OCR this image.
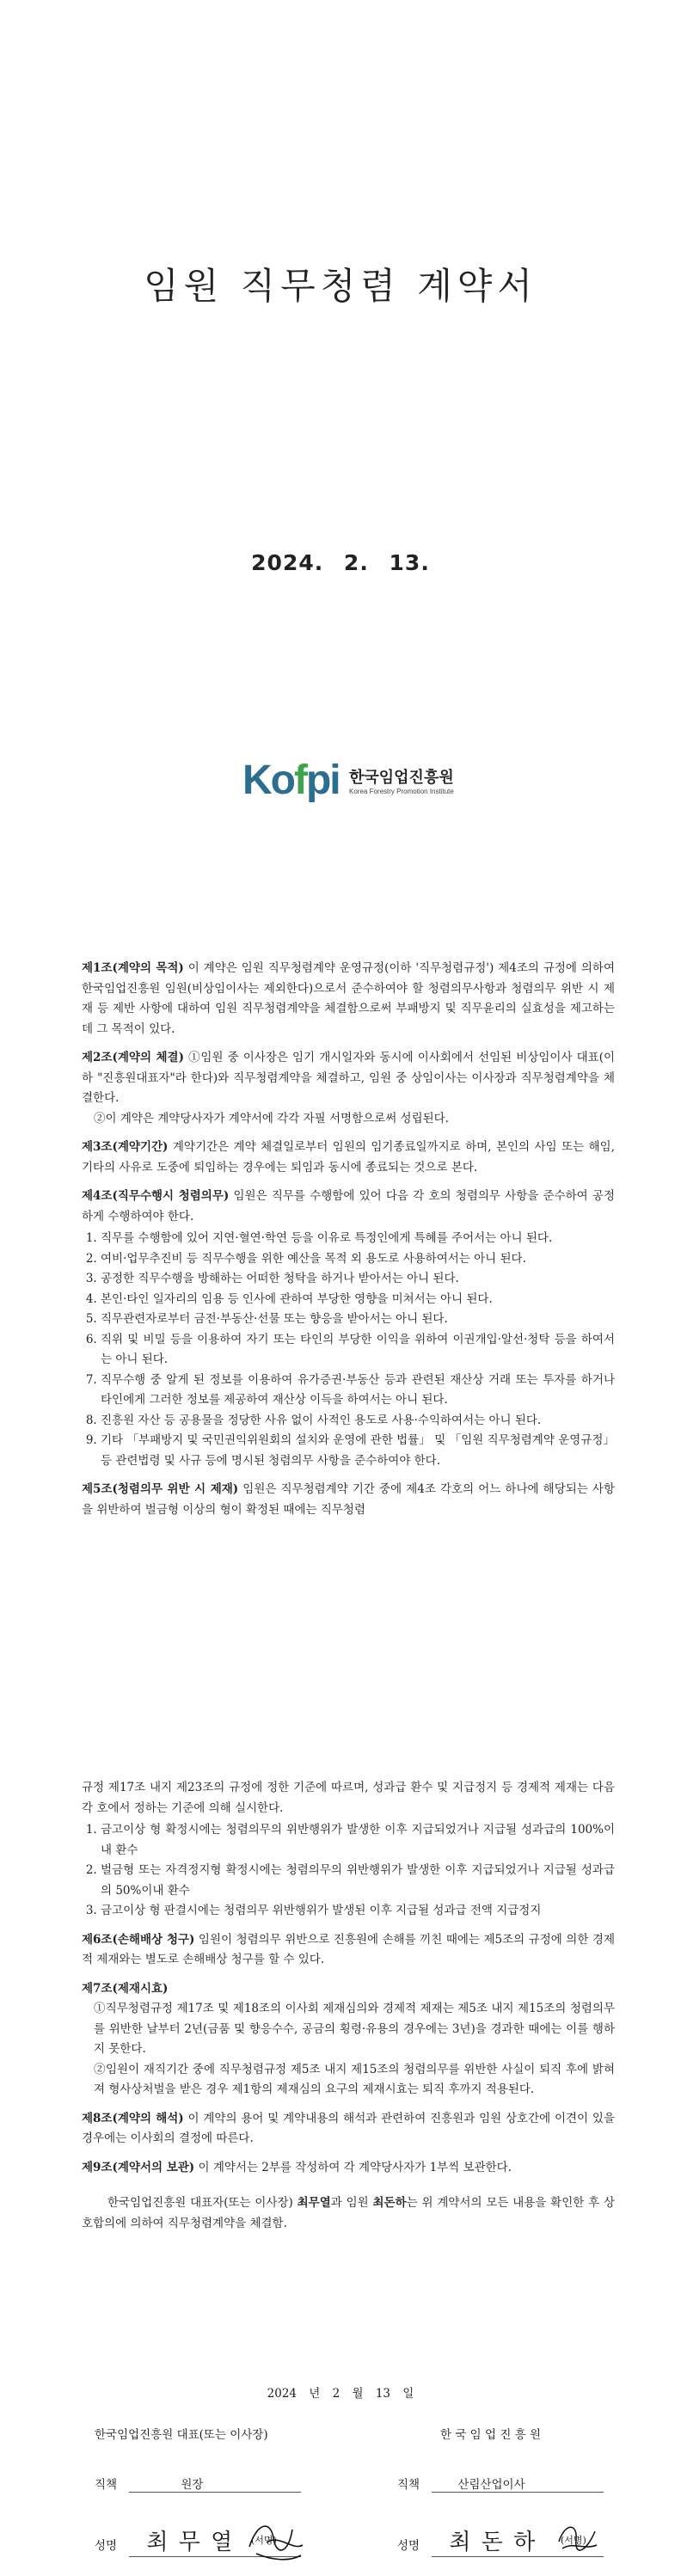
임원 직무청렴 계약서
2024. 2. 13.
Kofpi 한국임업진흥원
Korea Forestry Promotion Institute

제1조(계약의 목적) 이 계약은 임원 직무청렴계약 운영규정(이하 '직무청렴규정') 제4조의 규정에 의하여 한국임업진흥원 임원(비상임이사는 제외한다)으로서 준수하여야 할 청렴의무사항과 청렴의무 위반 시 제재 등 제반 사항에 대하여 임원 직무청렴계약을 체결함으로써 부패방지 및 직무윤리의 실효성을 제고하는데 그 목적이 있다.

제2조(계약의 체결) ①임원 중 이사장은 임기 개시일자와 동시에 이사회에서 선임된 비상임이사 대표(이하 "진흥원대표자"라 한다)와 직무청렴계약을 체결하고, 임원 중 상임이사는 이사장과 직무청렴계약을 체결한다.

②이 계약은 계약당사자가 계약서에 각각 자필 서명함으로써 성립된다.

제3조(계약기간) 계약기간은 계약 체결일로부터 임원의 임기종료일까지로 하며, 본인의 사임 또는 해임, 기타의 사유로 도중에 퇴임하는 경우에는 퇴임과 동시에 종료되는 것으로 본다.

제4조(직무수행시 청렴의무) 임원은 직무를 수행함에 있어 다음 각 호의 청렴의무 사항을 준수하여 공정하게 수행하여야 한다.

1. 직무를 수행함에 있어 지연·혈연·학연 등을 이유로 특정인에게 특혜를 주어서는 아니 된다.
2. 여비·업무추진비 등 직무수행을 위한 예산을 목적 외 용도로 사용하여서는 아니 된다.
3. 공정한 직무수행을 방해하는 어떠한 청탁을 하거나 받아서는 아니 된다.
4. 본인·타인 일자리의 임용 등 인사에 관하여 부당한 영향을 미쳐서는 아니 된다.
5. 직무관련자로부터 금전·부동산·선물 또는 향응을 받아서는 아니 된다.
6. 직위 및 비밀 등을 이용하여 자기 또는 타인의 부당한 이익을 위하여 이권개입·알선·청탁 등을 하여서는 아니 된다.
7. 직무수행 중 알게 된 정보를 이용하여 유가증권·부동산 등과 관련된 재산상 거래 또는 투자를 하거나 타인에게 그러한 정보를 제공하여 재산상 이득을 하여서는 아니 된다.
8. 진흥원 자산 등 공용물을 정당한 사유 없이 사적인 용도로 사용·수익하여서는 아니 된다.
9. 기타 「부패방지 및 국민권익위원회의 설치와 운영에 관한 법률」 및 「임원 직무청렴계약 운영규정」 등 관련법령 및 사규 등에 명시된 청렴의무 사항을 준수하여야 한다.

제5조(청렴의무 위반 시 제재) 임원은 직무청렴계약 기간 중에 제4조 각호의 어느 하나에 해당되는 사항을 위반하여 벌금형 이상의 형이 확정된 때에는 직무청렴

규정 제17조 내지 제23조의 규정에 정한 기준에 따르며, 성과급 환수 및 지급정지 등 경제적 제재는 다음 각 호에서 정하는 기준에 의해 실시한다.

1. 금고이상 형 확정시에는 청렴의무의 위반행위가 발생한 이후 지급되었거나 지급될 성과급의 100%이내 환수
2. 벌금형 또는 자격정지형 확정시에는 청렴의무의 위반행위가 발생한 이후 지급되었거나 지급될 성과급의 50%이내 환수
3. 금고이상 형 판결시에는 청렴의무 위반행위가 발생된 이후 지급될 성과급 전액 지급정지

제6조(손해배상 청구) 임원이 청렴의무 위반으로 진흥원에 손해를 끼친 때에는 제5조의 규정에 의한 경제적 제재와는 별도로 손해배상 청구를 할 수 있다.

제7조(제재시효)

①직무청렴규정 제17조 및 제18조의 이사회 제재심의와 경제적 제재는 제5조 내지 제15조의 청렴의무를 위반한 날부터 2년(금품 및 향응수수, 공금의 횡령·유용의 경우에는 3년)을 경과한 때에는 이를 행하지 못한다.

②임원이 재직기간 중에 직무청렴규정 제5조 내지 제15조의 청렴의무를 위반한 사실이 퇴직 후에 밝혀져 형사상처벌을 받은 경우 제1항의 제재심의 요구의 제재시효는 퇴직 후까지 적용된다.

제8조(계약의 해석) 이 계약의 용어 및 계약내용의 해석과 관련하여 진흥원과 임원 상호간에 이견이 있을 경우에는 이사회의 결정에 따른다.

제9조(계약서의 보관) 이 계약서는 2부를 작성하여 각 계약당사자가 1부씩 보관한다.

한국임업진흥원 대표자(또는 이사장) 최무열과 임원 최돈하는 위 계약서의 모든 내용을 확인한 후 상호합의에 의하여 직무청렴계약을 체결함.

2024 년 2 월 13 일
한국임업진흥원 대표(또는 이사장)
직책	원장
성명 최 무 열 (서명)
한 국 임 업 진 흥 원
직책	산림산업이사
성명 최 돈 하	(서명)
